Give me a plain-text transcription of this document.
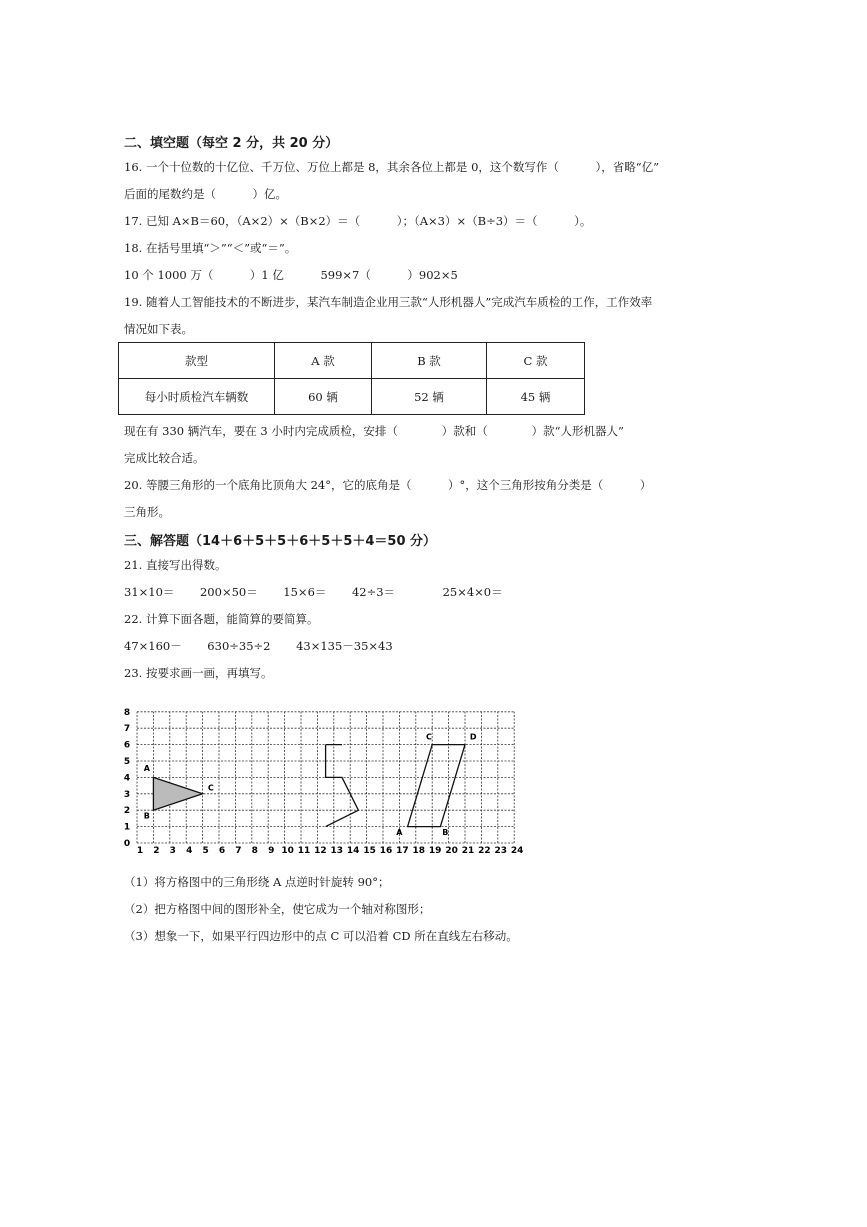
二、填空题（每空 2 分，共 20 分）
16. 一个十位数的十亿位、千万位、万位上都是 8，其余各位上都是 0，这个数写作（          ），省略“亿”
后面的尾数约是（          ）亿。
17. 已知 A×B＝60，（A×2）×（B×2）＝（          ）；（A×3）×（B÷3）＝（          ）。
18. 在括号里填“＞”“＜”或“＝”。
10 个 1000 万（          ）1 亿          599×7（          ）902×5
19. 随着人工智能技术的不断进步，某汽车制造企业用三款“人形机器人”完成汽车质检的工作，工作效率
情况如下表。
款型	A 款	B 款	C 款
每小时质检汽车辆数	60 辆	52 辆	45 辆
现在有 330 辆汽车，要在 3 小时内完成质检，安排（            ）款和（            ）款“人形机器人”
完成比较合适。
20. 等腰三角形的一个底角比顶角大 24°，它的底角是（          ）°，这个三角形按角分类是（          ）
三角形。
三、解答题（14＋6＋5＋5＋6＋5＋5＋4＝50 分）
21. 直接写出得数。
31×10＝       200×50＝       15×6＝       42÷3＝             25×4×0＝
22. 计算下面各题，能简算的要简算。
47×160－       630÷35÷2       43×135－35×43
23. 按要求画一画，再填写。
1 2 3 4 5 6 7 8 9 10 11 12 13 14 15 16 17 18 19 20 21 22 23 24
0
1
2
3
4
5
6
7
8
A
B
C
A	B
C	D
（1）将方格图中的三角形绕 A 点逆时针旋转 90°；
（2）把方格图中间的图形补全，使它成为一个轴对称图形；
（3）想象一下，如果平行四边形中的点 C 可以沿着 CD 所在直线左右移动。
